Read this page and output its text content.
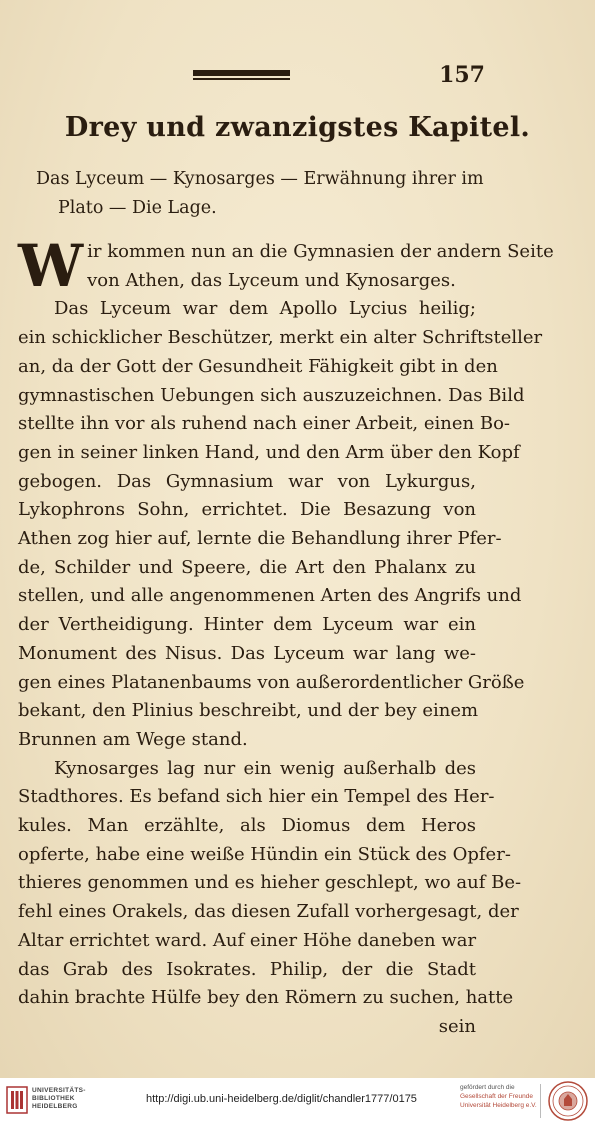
157
Drey und zwanzigstes Kapitel.
Das Lyceum — Kynosarges — Erwähnung ihrer im
Plato — Die Lage.
W ir kommen nun an die Gymnasien der andern Seite
von Athen, das Lyceum und Kynosarges.
Das Lyceum war dem Apollo Lycius heilig;
ein schicklicher Beschützer, merkt ein alter Schriftsteller
an, da der Gott der Gesundheit Fähigkeit gibt in den
gymnastischen Uebungen sich auszuzeichnen. Das Bild
stellte ihn vor als ruhend nach einer Arbeit, einen Bo-
gen in seiner linken Hand, und den Arm über den Kopf
gebogen. Das Gymnasium war von Lykurgus,
Lykophrons Sohn, errichtet. Die Besazung von
Athen zog hier auf, lernte die Behandlung ihrer Pfer-
de, Schilder und Speere, die Art den Phalanx zu
stellen, und alle angenommenen Arten des Angrifs und
der Vertheidigung. Hinter dem Lyceum war ein
Monument des Nisus. Das Lyceum war lang we-
gen eines Platanenbaums von außerordentlicher Größe
bekant, den Plinius beschreibt, und der bey einem
Brunnen am Wege stand.
Kynosarges lag nur ein wenig außerhalb des
Stadthores. Es befand sich hier ein Tempel des Her-
kules. Man erzählte, als Diomus dem Heros
opferte, habe eine weiße Hündin ein Stück des Opfer-
thieres genommen und es hieher geschlept, wo auf Be-
fehl eines Orakels, das diesen Zufall vorhergesagt, der
Altar errichtet ward. Auf einer Höhe daneben war
das Grab des Isokrates. Philip, der die Stadt
dahin brachte Hülfe bey den Römern zu suchen, hatte
sein
UNIVERSITÄTS-
BIBLIOTHEK
HEIDELBERG
http://digi.ub.uni-heidelberg.de/diglit/chandler1777/0175
gefördert durch die
Gesellschaft der Freunde
Universität Heidelberg e.V.
